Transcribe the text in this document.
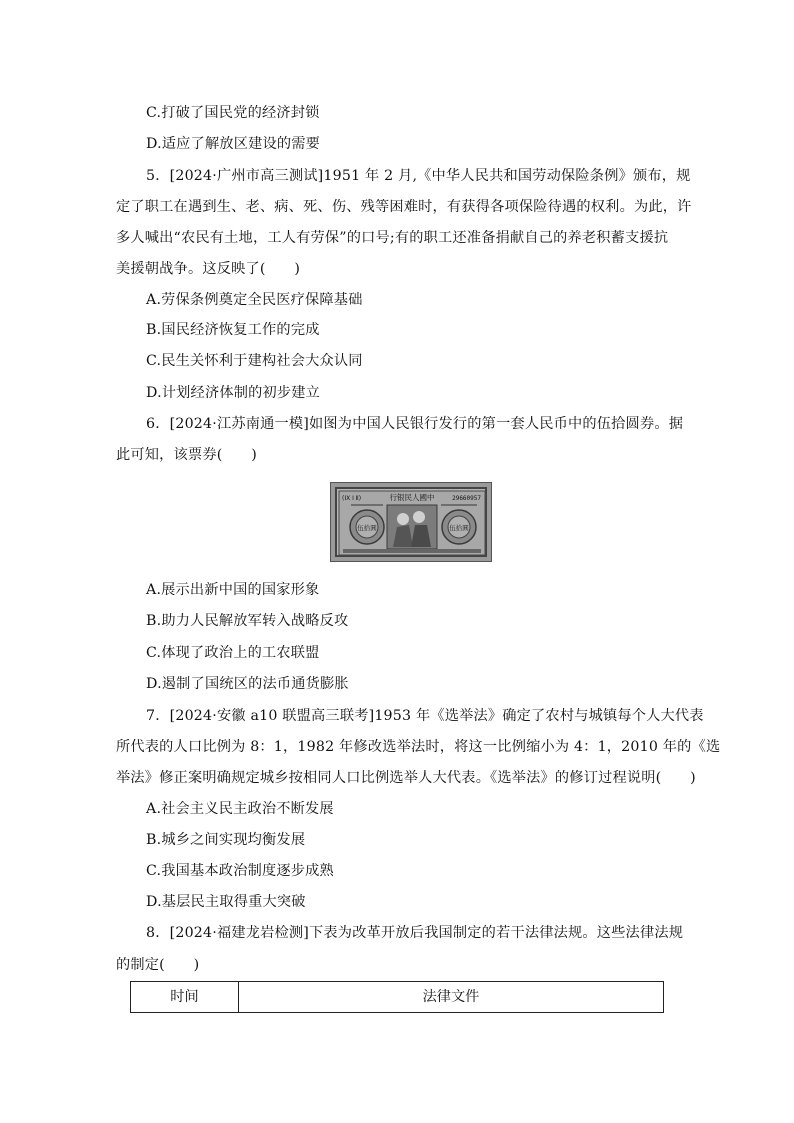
C.打破了国民党的经济封锁
D.适应了解放区建设的需要
5．[2024·广州市高三测试]1951 年 2 月,《中华人民共和国劳动保险条例》颁布，规
定了职工在遇到生、老、病、死、伤、残等困难时，有获得各项保险待遇的权利。为此，许
多人喊出“农民有土地，工人有劳保”的口号;有的职工还准备捐献自己的养老积蓄支援抗
美援朝战争。这反映了(　　)
A.劳保条例奠定全民医疗保障基础
B.国民经济恢复工作的完成
C.民生关怀利于建构社会大众认同
D.计划经济体制的初步建立
6．[2024·江苏南通一模]如图为中国人民银行发行的第一套人民币中的伍拾圆券。据
此可知，该票券(　　)
(IX I Ⅱ)	行银民人國中	29660957
伍拾圓	伍拾圓
A.展示出新中国的国家形象
B.助力人民解放军转入战略反攻
C.体现了政治上的工农联盟
D.遏制了国统区的法币通货膨胀
7．[2024·安徽 a10 联盟高三联考]1953 年《选举法》确定了农村与城镇每个人大代表
所代表的人口比例为 8：1，1982 年修改选举法时，将这一比例缩小为 4：1，2010 年的《选
举法》修正案明确规定城乡按相同人口比例选举人大代表。《选举法》的修订过程说明(　　)
A.社会主义民主政治不断发展
B.城乡之间实现均衡发展
C.我国基本政治制度逐步成熟
D.基层民主取得重大突破
8．[2024·福建龙岩检测]下表为改革开放后我国制定的若干法律法规。这些法律法规
的制定(　　)
时间	法律文件
